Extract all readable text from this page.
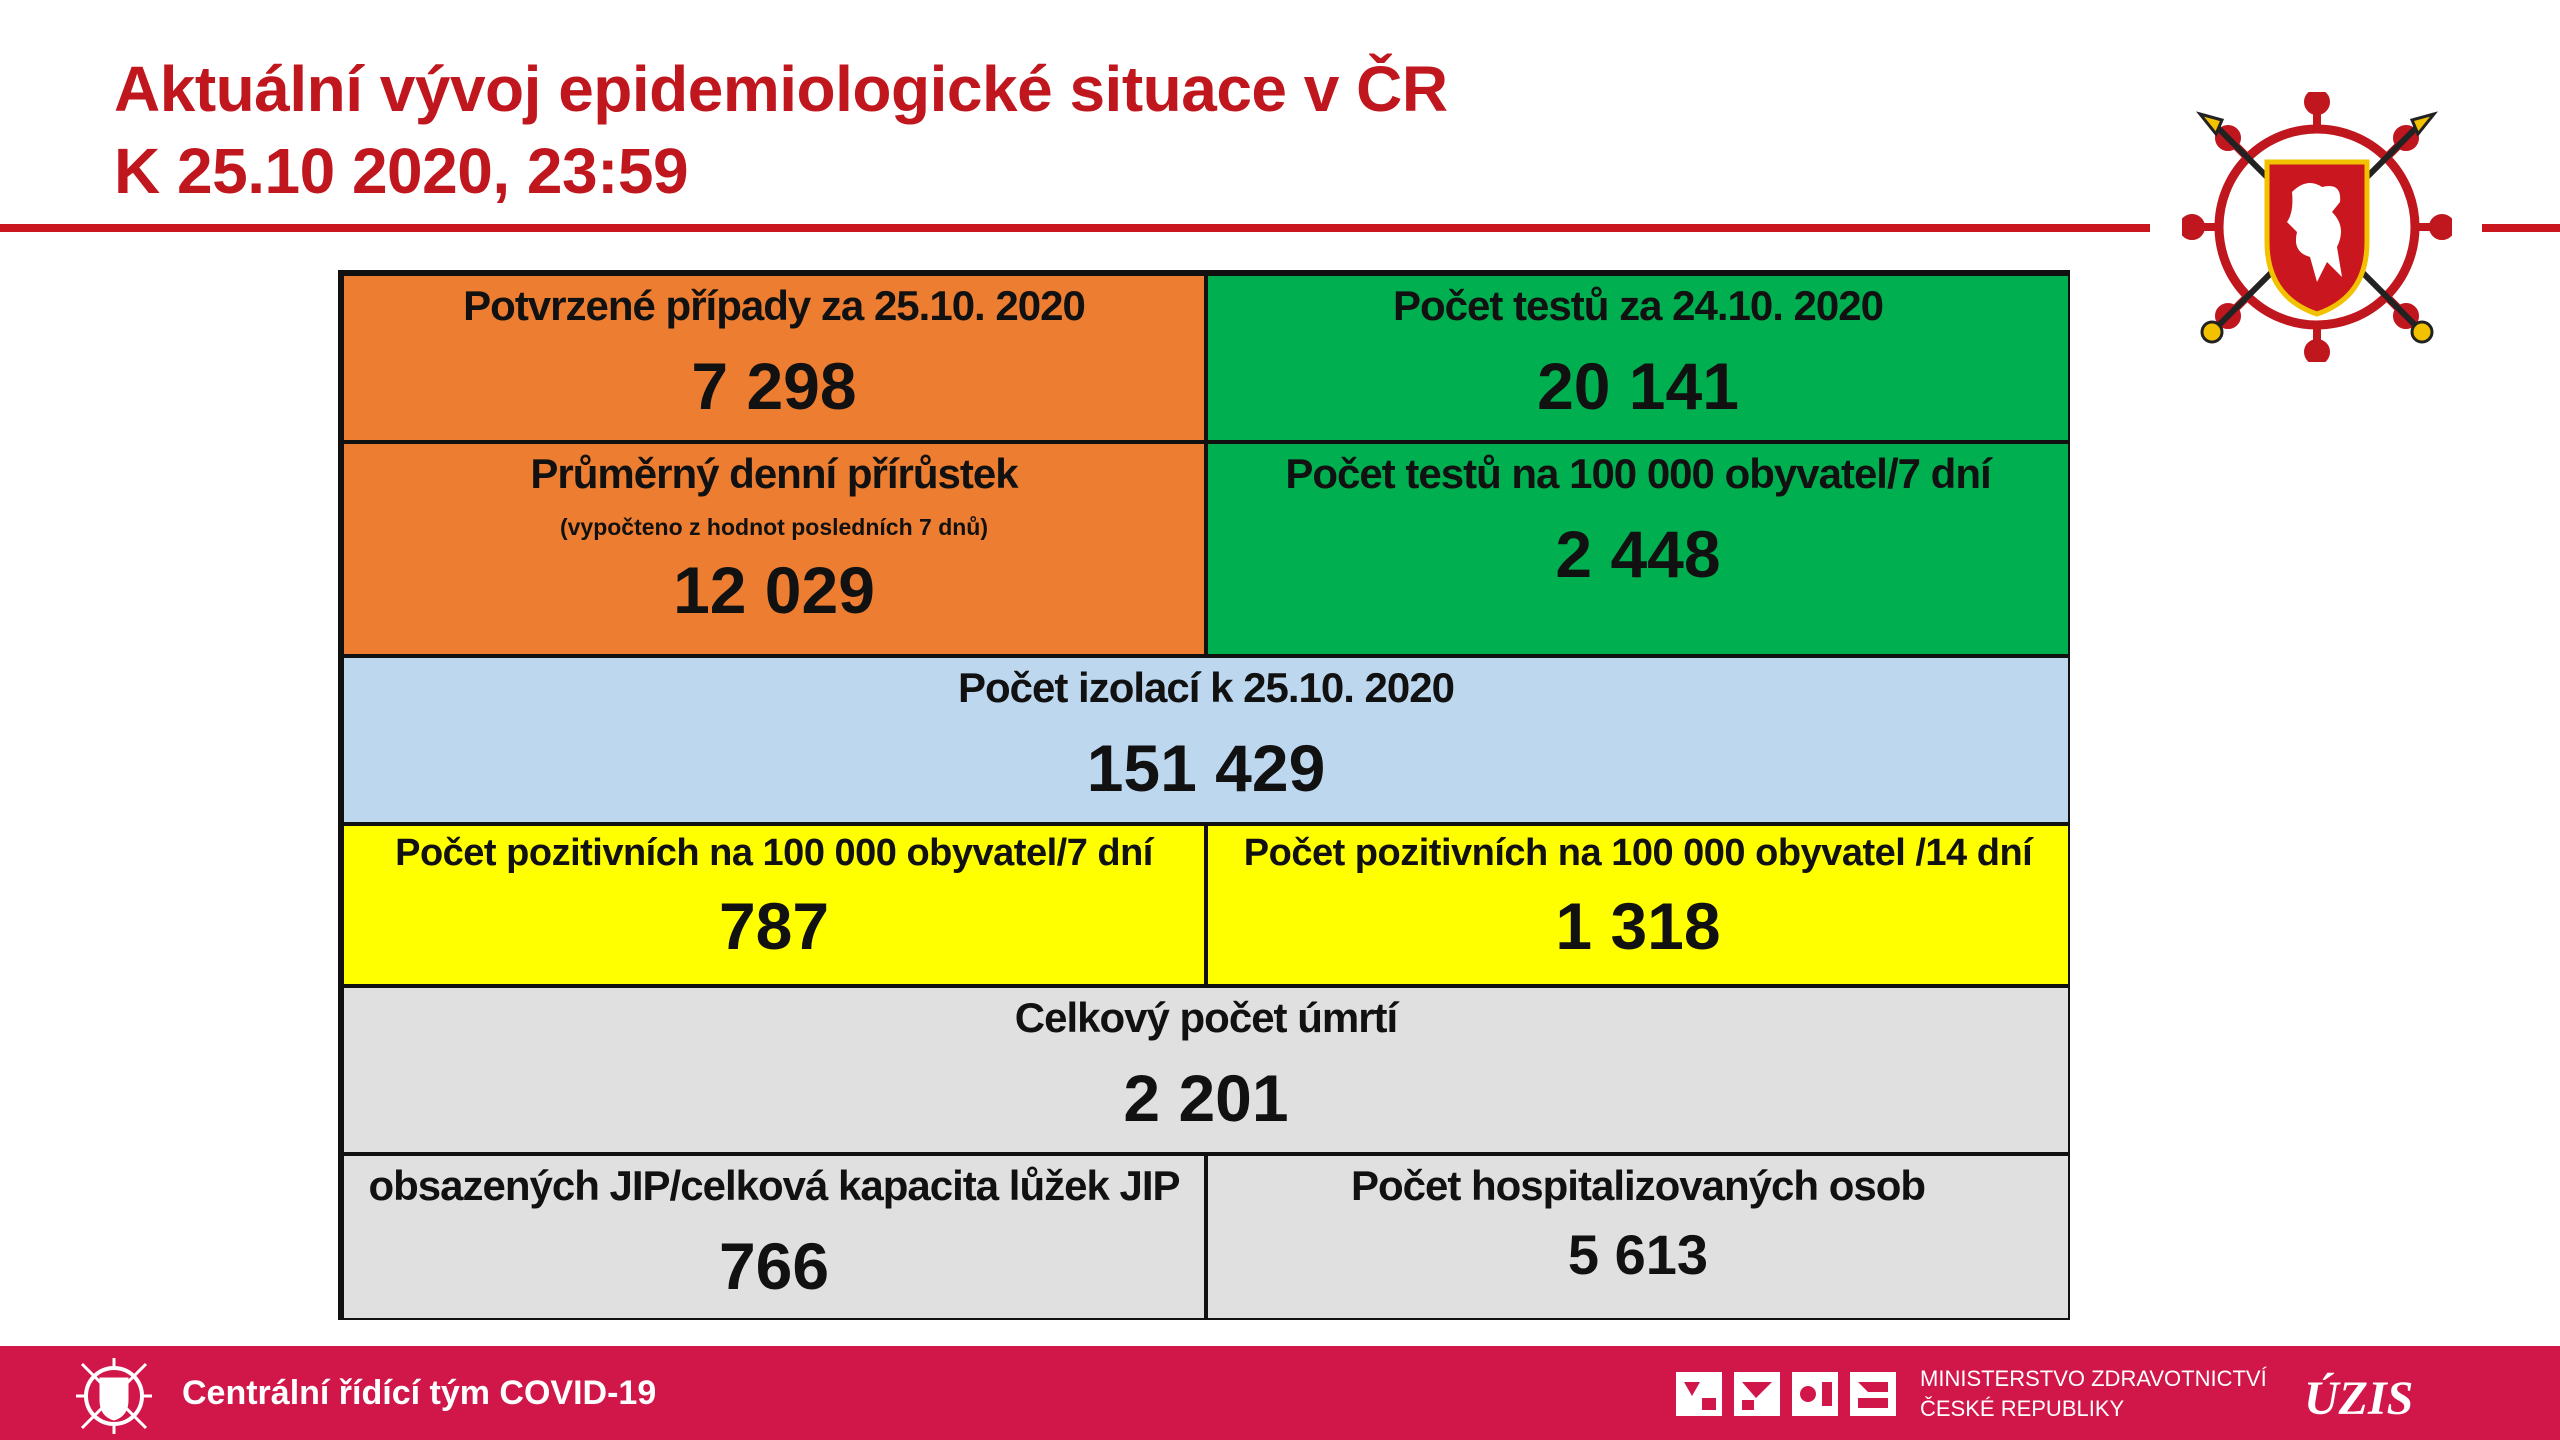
Aktuální vývoj epidemiologické situace v ČR
K 25.10 2020, 23:59
Potvrzené případy za 25.10. 2020
7 298
Počet testů za 24.10. 2020
20 141
Průměrný denní přírůstek
(vypočteno z hodnot posledních 7 dnů)
12 029
Počet testů na 100 000 obyvatel/7 dní
2 448
Počet izolací k 25.10. 2020
151 429
Počet pozitivních na 100 000 obyvatel/7 dní
787
Počet pozitivních na 100 000 obyvatel /14 dní
1 318
Celkový počet úmrtí
2 201
obsazených JIP/celková kapacita lůžek JIP
766
Počet hospitalizovaných osob
5 613
Centrální řídící tým COVID-19	MINISTERSTVO ZDRAVOTNICTVÍ
ČESKÉ REPUBLIKY	ÚZIS
